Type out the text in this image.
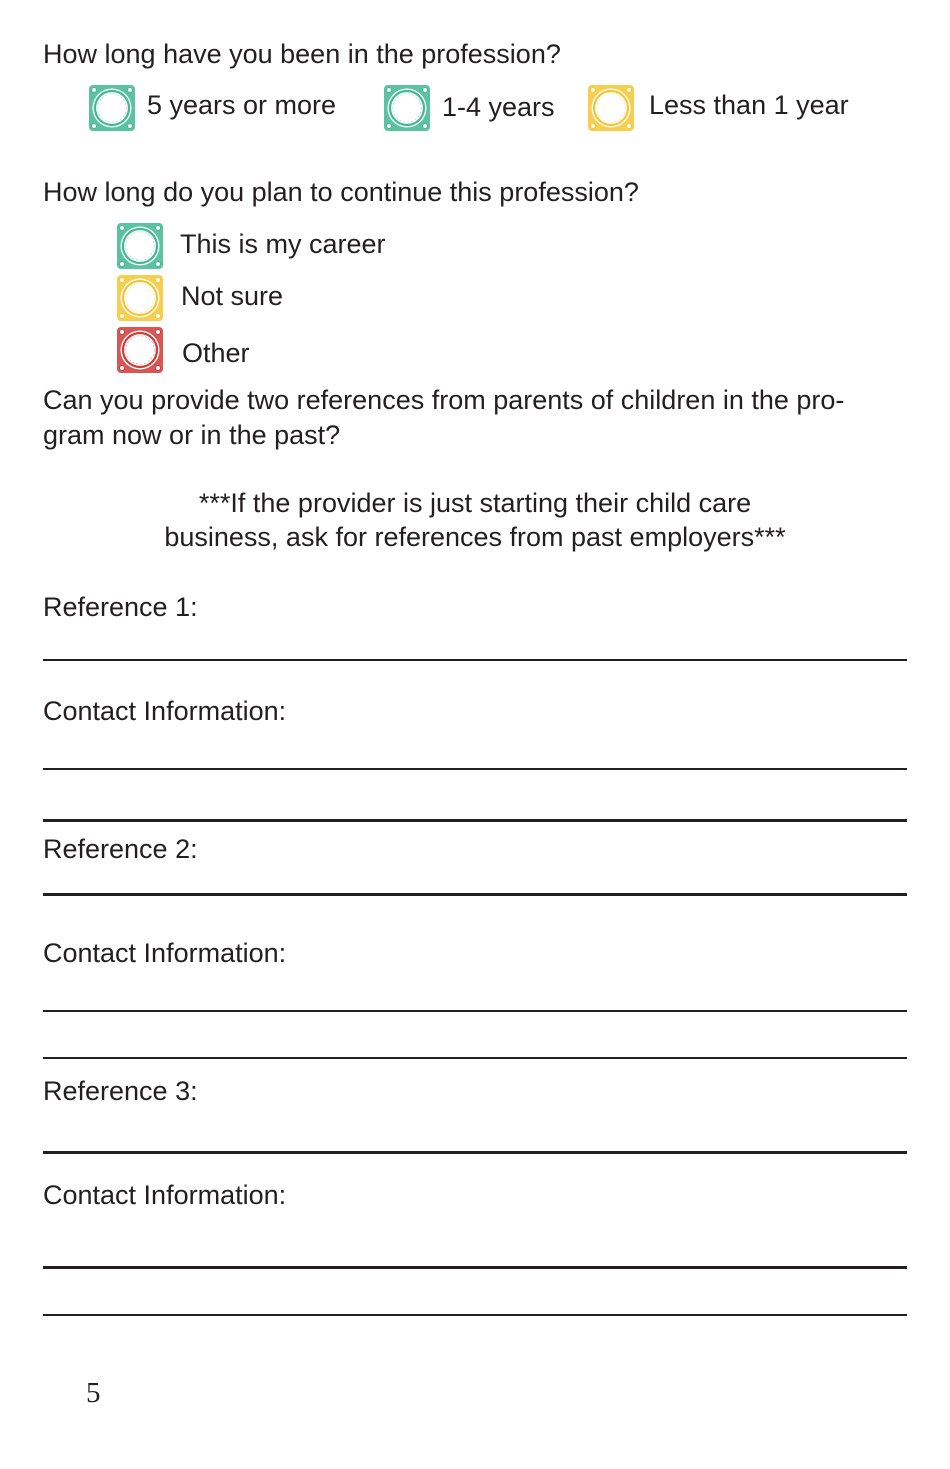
How long have you been in the profession?
5 years or more	1-4 years	Less than 1 year
How long do you plan to continue this profession?
This is my career
Not sure
Other
Can you provide two references from parents of children in the pro-
gram now or in the past?
***If the provider is just starting their child care
business, ask for references from past employers***
Reference 1:
Contact Information:
Reference 2:
Contact Information:
Reference 3:
Contact Information:
5
